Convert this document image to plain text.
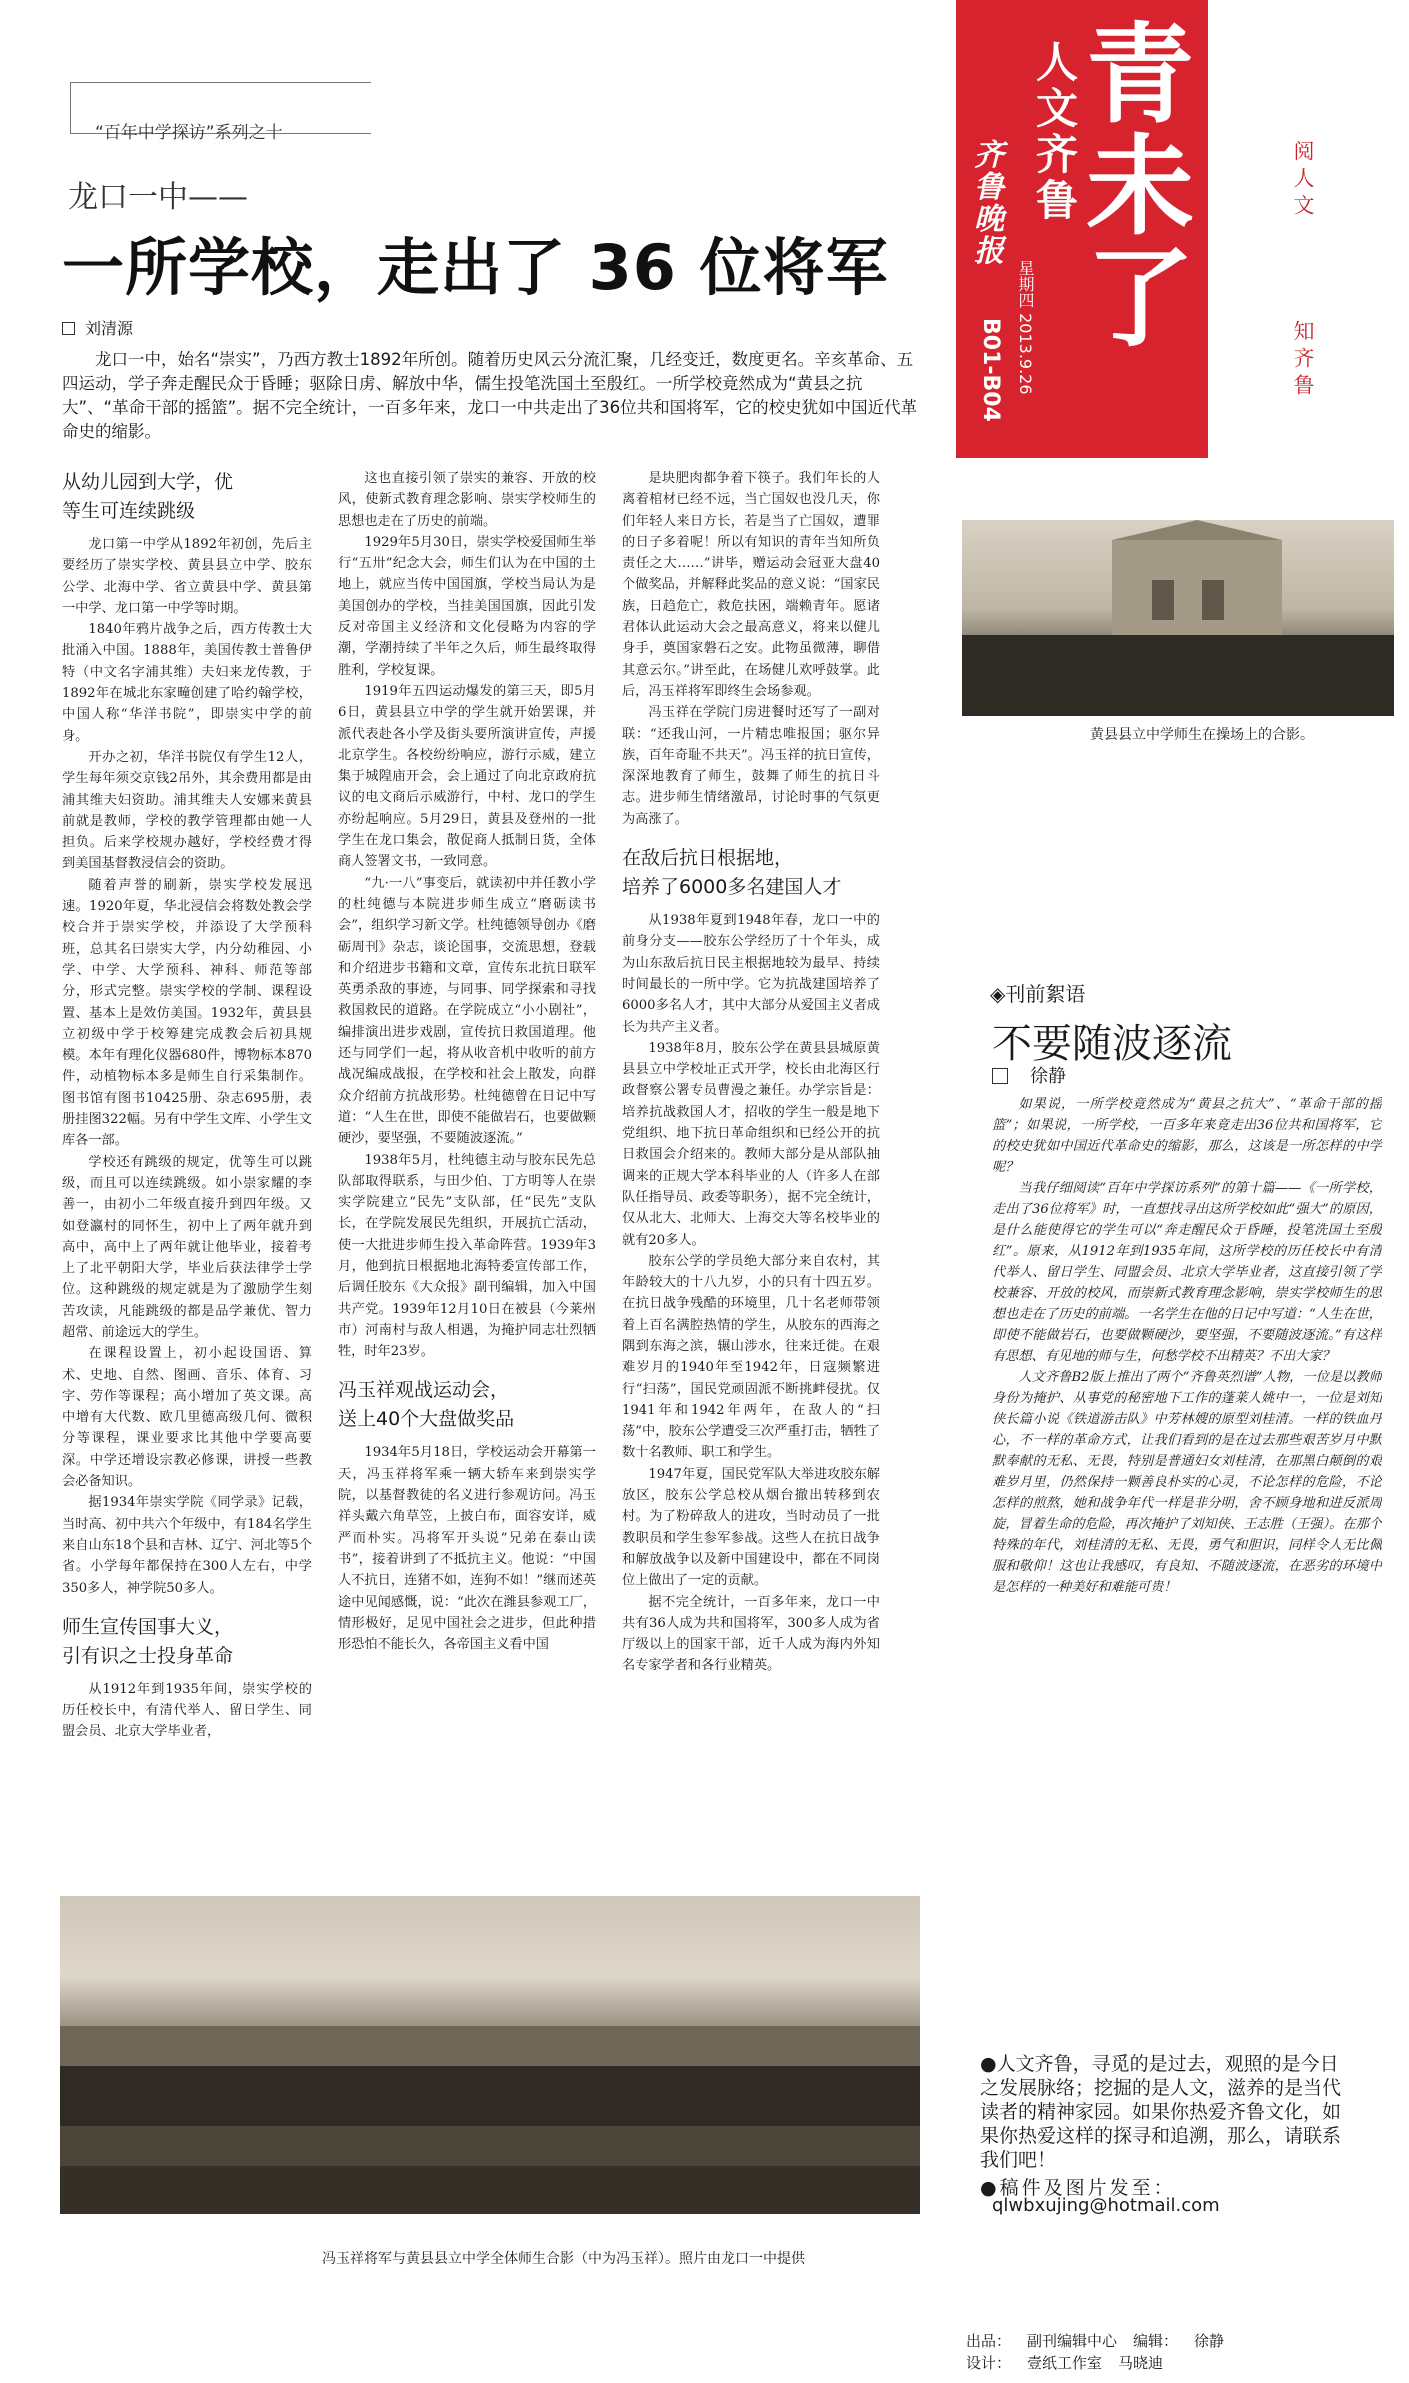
“百年中学探访”系列之十
龙口一中——
一所学校，走出了 36 位将军
刘清源
龙口一中，始名“崇实”，乃西方教士1892年所创。随着历史风云分流汇聚，几经变迁，数度更名。辛亥革命、五四运动，学子奔走醒民众于昏睡；驱除日虏、解放中华，儒生投笔洗国土至殷红。一所学校竟然成为“黄县之抗大”、“革命干部的摇篮”。据不完全统计，一百多年来，龙口一中共走出了36位共和国将军，它的校史犹如中国近代革命史的缩影。
从幼儿园到大学，优
等生可连续跳级

龙口第一中学从1892年初创，先后主要经历了崇实学校、黄县县立中学、胶东公学、北海中学、省立黄县中学、黄县第一中学、龙口第一中学等时期。

1840年鸦片战争之后，西方传教士大批涌入中国。1888年，美国传教士普鲁伊特（中文名字浦其维）夫妇来龙传教，于1892年在城北东家疃创建了哈约翰学校，中国人称“华洋书院”，即崇实中学的前身。

开办之初，华洋书院仅有学生12人，学生每年须交京钱2吊外，其余费用都是由浦其维夫妇资助。浦其维夫人安娜来黄县前就是教师，学校的教学管理都由她一人担负。后来学校规办越好，学校经费才得到美国基督教浸信会的资助。

随着声誉的刷新，崇实学校发展迅速。1920年夏，华北浸信会将数处教会学校合并于崇实学校，并添设了大学预科班，总其名曰崇实大学，内分幼稚园、小学、中学、大学预科、神科、师范等部分，形式完整。崇实学校的学制、课程设置、基本上是效仿美国。1932年，黄县县立初级中学于校筹建完成教会后初具规模。本年有理化仪器680件，博物标本870件，动植物标本多是师生自行采集制作。图书馆有图书10425册、杂志695册，表册挂图322幅。另有中学生文库、小学生文库各一部。

学校还有跳级的规定，优等生可以跳级，而且可以连续跳级。如小崇家耀的李善一，由初小二年级直接升到四年级。又如登瀛村的同怀生，初中上了两年就升到高中，高中上了两年就让他毕业，接着考上了北平朝阳大学，毕业后获法律学士学位。这种跳级的规定就是为了激励学生刻苦攻读，凡能跳级的都是品学兼优、智力超常、前途远大的学生。

在课程设置上，初小起设国语、算术、史地、自然、图画、音乐、体育、习字、劳作等课程；高小增加了英文课。高中增有大代数、欧几里德高级几何、微积分等课程，课业要求比其他中学要高要深。中学还增设宗教必修课，讲授一些教会必备知识。

据1934年崇实学院《同学录》记载，当时高、初中共六个年级中，有184名学生来自山东18个县和吉林、辽宁、河北等5个省。小学每年都保持在300人左右，中学350多人，神学院50多人。

师生宣传国事大义，
引有识之士投身革命

从1912年到1935年间，崇实学校的历任校长中，有清代举人、留日学生、同盟会员、北京大学毕业者，

这也直接引领了崇实的兼容、开放的校风，使新式教育理念影响、崇实学校师生的思想也走在了历史的前端。

1929年5月30日，崇实学校爱国师生举行“五卅”纪念大会，师生们认为在中国的土地上，就应当传中国国旗，学校当局认为是美国创办的学校，当挂美国国旗，因此引发反对帝国主义经济和文化侵略为内容的学潮，学潮持续了半年之久后，师生最终取得胜利，学校复课。

1919年五四运动爆发的第三天，即5月6日，黄县县立中学的学生就开始罢课，并派代表赴各小学及街头要所演讲宣传，声援北京学生。各校纷纷响应，游行示威，建立集于城隍庙开会，会上通过了向北京政府抗议的电文商后示威游行，中村、龙口的学生亦纷起响应。5月29日，黄县及登州的一批学生在龙口集会，散促商人抵制日货，全体商人签署文书，一致同意。

“九·一八”事变后，就读初中并任教小学的杜纯德与本院进步师生成立“磨砺读书会”，组织学习新文学。杜纯德领导创办《磨砺周刊》杂志，谈论国事，交流思想，登载和介绍进步书籍和文章，宣传东北抗日联军英勇杀敌的事迹，与同事、同学探索和寻找救国救民的道路。在学院成立“小小剧社”，编排演出进步戏剧，宣传抗日救国道理。他还与同学们一起，将从收音机中收听的前方战况编成战报，在学校和社会上散发，向群众介绍前方抗战形势。杜纯德曾在日记中写道：“人生在世，即使不能做岩石，也要做颗硬沙，要坚强，不要随波逐流。”

1938年5月，杜纯德主动与胶东民先总队部取得联系，与田少伯、丁方明等人在崇实学院建立“民先”支队部，任“民先”支队长，在学院发展民先组织，开展抗亡活动，使一大批进步师生投入革命阵营。1939年3月，他到抗日根据地北海特委宣传部工作，后调任胶东《大众报》副刊编辑，加入中国共产党。1939年12月10日在被县（今莱州市）河南村与敌人相遇，为掩护同志壮烈牺牲，时年23岁。

冯玉祥观战运动会，
送上40个大盘做奖品

1934年5月18日，学校运动会开幕第一天，冯玉祥将军乘一辆大轿车来到崇实学院，以基督教徒的名义进行参观访问。冯玉祥头戴六角草笠，上披白布，面容安详，威严而朴实。冯将军开头说“兄弟在泰山读书”，接着讲到了不抵抗主义。他说：“中国人不抗日，连猪不如，连狗不如！”继而述英途中见闻感慨，说：“此次在潍县参观工厂，情形极好，足见中国社会之进步，但此种措形恐怕不能长久，各帝国主义看中国

是块肥肉都争着下筷子。我们年长的人离着棺材已经不远，当亡国奴也没几天，你们年轻人来日方长，若是当了亡国奴，遭罪的日子多着呢！所以有知识的青年当知所负责任之大……”讲毕，赠运动会冠亚大盘40个做奖品，并解释此奖品的意义说：“国家民族，日趋危亡，救危扶困，端赖青年。愿诸君体认此运动大会之最高意义，将来以健儿身手，奠国家磐石之安。此物虽微薄，聊借其意云尔。”讲至此，在场健儿欢呼鼓掌。此后，冯玉祥将军即终生会场参观。

冯玉祥在学院门房进餐时还写了一副对联：“还我山河，一片精忠唯报国；驱尔异族，百年奇耻不共天”。冯玉祥的抗日宣传，深深地教育了师生，鼓舞了师生的抗日斗志。进步师生情绪激昂，讨论时事的气氛更为高涨了。

在敌后抗日根据地，
培养了6000多名建国人才

从1938年夏到1948年春，龙口一中的前身分支——胶东公学经历了十个年头，成为山东敌后抗日民主根据地较为最早、持续时间最长的一所中学。它为抗战建国培养了6000多名人才，其中大部分从爱国主义者成长为共产主义者。

1938年8月，胶东公学在黄县县城原黄县县立中学校址正式开学，校长由北海区行政督察公署专员曹漫之兼任。办学宗旨是：培养抗战救国人才，招收的学生一般是地下党组织、地下抗日革命组织和已经公开的抗日救国会介绍来的。教师大部分是从部队抽调来的正规大学本科毕业的人（许多人在部队任指导员、政委等职务），据不完全统计，仅从北大、北师大、上海交大等名校毕业的就有20多人。

胶东公学的学员绝大部分来自农村，其年龄较大的十八九岁，小的只有十四五岁。在抗日战争残酷的环境里，几十名老师带领着上百名满腔热情的学生，从胶东的西海之隅到东海之滨，辗山涉水，往来迁徙。在艰难岁月的1940年至1942年，日寇频繁进行“扫荡”，国民党顽固派不断挑衅侵扰。仅1941年和1942年两年，在敌人的“扫荡”中，胶东公学遭受三次严重打击，牺牲了数十名教师、职工和学生。

1947年夏，国民党军队大举进攻胶东解放区，胶东公学总校从烟台撤出转移到农村。为了粉碎敌人的进攻，当时动员了一批教职员和学生参军参战。这些人在抗日战争和解放战争以及新中国建设中，都在不同岗位上做出了一定的贡献。

据不完全统计，一百多年来，龙口一中共有36人成为共和国将军，300多人成为省厅级以上的国家干部，近千人成为海内外知名专家学者和各行业精英。

青未了
人文齐鲁
齐鲁晚报
星期四 2013.9.26
B01-B04
阅人文
知齐鲁
黄县县立中学师生在操场上的合影。
◈刊前絮语
不要随波逐流
徐静

如果说，一所学校竟然成为“黄县之抗大”、“革命干部的摇篮”；如果说，一所学校，一百多年来竟走出36位共和国将军，它的校史犹如中国近代革命史的缩影，那么，这该是一所怎样的中学呢？

当我仔细阅读“百年中学探访系列”的第十篇——《一所学校，走出了36位将军》时，一直想找寻出这所学校如此“强大”的原因，是什么能使得它的学生可以“奔走醒民众于昏睡，投笔洗国土至殷红”。原来，从1912年到1935年间，这所学校的历任校长中有清代举人、留日学生、同盟会员、北京大学毕业者，这直接引领了学校兼容、开放的校风，而崇新式教育理念影响，崇实学校师生的思想也走在了历史的前端。一名学生在他的日记中写道：“人生在世，即使不能做岩石，也要做颗硬沙，要坚强，不要随波逐流。”有这样有思想、有见地的师与生，何愁学校不出精英？不出大家？

人文齐鲁B2版上推出了两个“齐鲁英烈谱”人物，一位是以教师身份为掩护、从事党的秘密地下工作的蓬莱人姚中一，一位是刘知侠长篇小说《铁道游击队》中芳林嫂的原型刘桂清。一样的铁血丹心，不一样的革命方式，让我们看到的是在过去那些艰苦岁月中默默奉献的无私、无畏，特别是普通妇女刘桂清，在那黑白颠倒的艰难岁月里，仍然保持一颗善良朴实的心灵，不论怎样的危险，不论怎样的煎熬，她和战争年代一样是非分明，舍不顾身地和进反派周旋，冒着生命的危险，再次掩护了刘知侠、王志胜（王强）。在那个特殊的年代，刘桂清的无私、无畏，勇气和胆识，同样令人无比佩服和敬仰！这也让我感叹，有良知、不随波逐流，在恶劣的环境中是怎样的一种美好和难能可贵！

●人文齐鲁，寻觅的是过去，观照的是今日之发展脉络；挖掘的是人文，滋养的是当代读者的精神家园。如果你热爱齐鲁文化，如果你热爱这样的探寻和追溯，那么，请联系我们吧！
●稿件及图片发至：
qlwbxujing@hotmail.com
冯玉祥将军与黄县县立中学全体师生合影（中为冯玉祥）。照片由龙口一中提供
出品： 副刊编辑中心 编辑： 徐静
设计： 壹纸工作室 马晓迪
